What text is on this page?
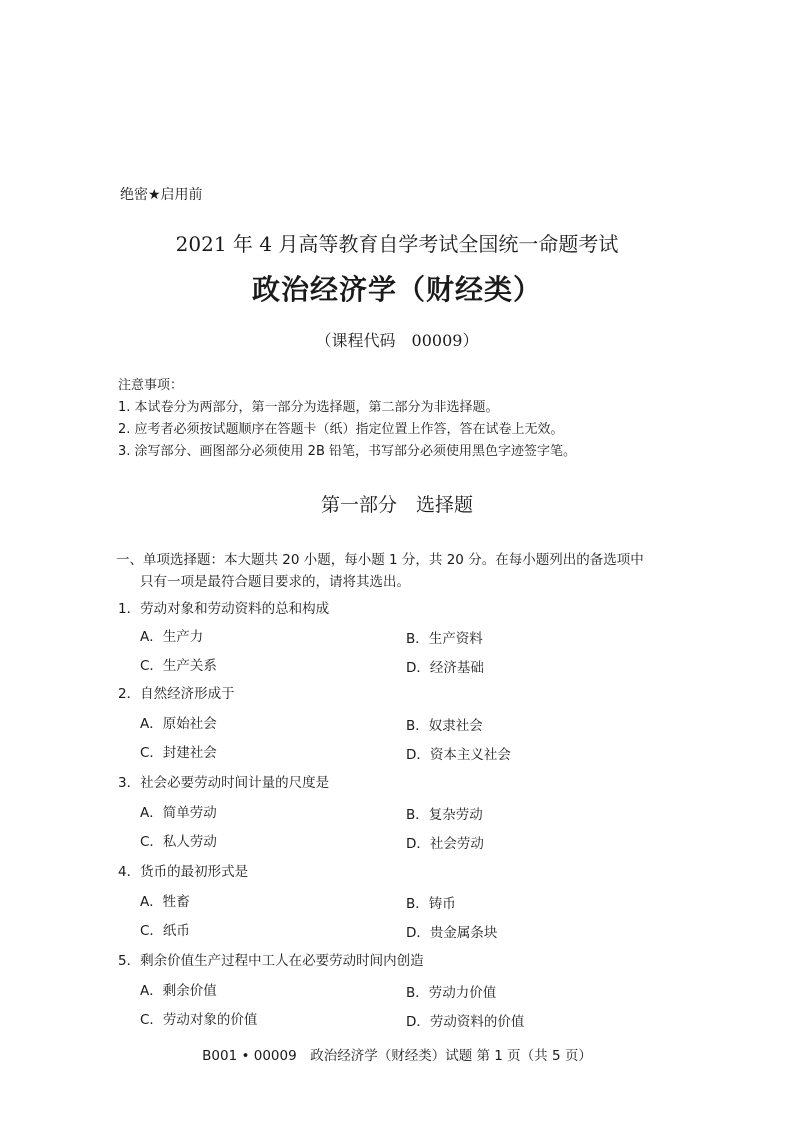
绝密★启用前
2021 年 4 月高等教育自学考试全国统一命题考试
政治经济学（财经类）
（课程代码　00009）
注意事项：
1. 本试卷分为两部分，第一部分为选择题，第二部分为非选择题。
2. 应考者必须按试题顺序在答题卡（纸）指定位置上作答，答在试卷上无效。
3. 涂写部分、画图部分必须使用 2B 铅笔，书写部分必须使用黑色字迹签字笔。
第一部分　选择题
一、单项选择题：本大题共 20 小题，每小题 1 分，共 20 分。在每小题列出的备选项中
只有一项是最符合题目要求的，请将其选出。
1．劳动对象和劳动资料的总和构成
A．生产力	B．生产资料
C．生产关系	D．经济基础
2．自然经济形成于
A．原始社会	B．奴隶社会
C．封建社会	D．资本主义社会
3．社会必要劳动时间计量的尺度是
A．简单劳动	B．复杂劳动
C．私人劳动	D．社会劳动
4．货币的最初形式是
A．牲畜	B．铸币
C．纸币	D．贵金属条块
5．剩余价值生产过程中工人在必要劳动时间内创造
A．剩余价值	B．劳动力价值
C．劳动对象的价值	D．劳动资料的价值
B001 • 00009　政治经济学（财经类）试题 第 1 页（共 5 页）
